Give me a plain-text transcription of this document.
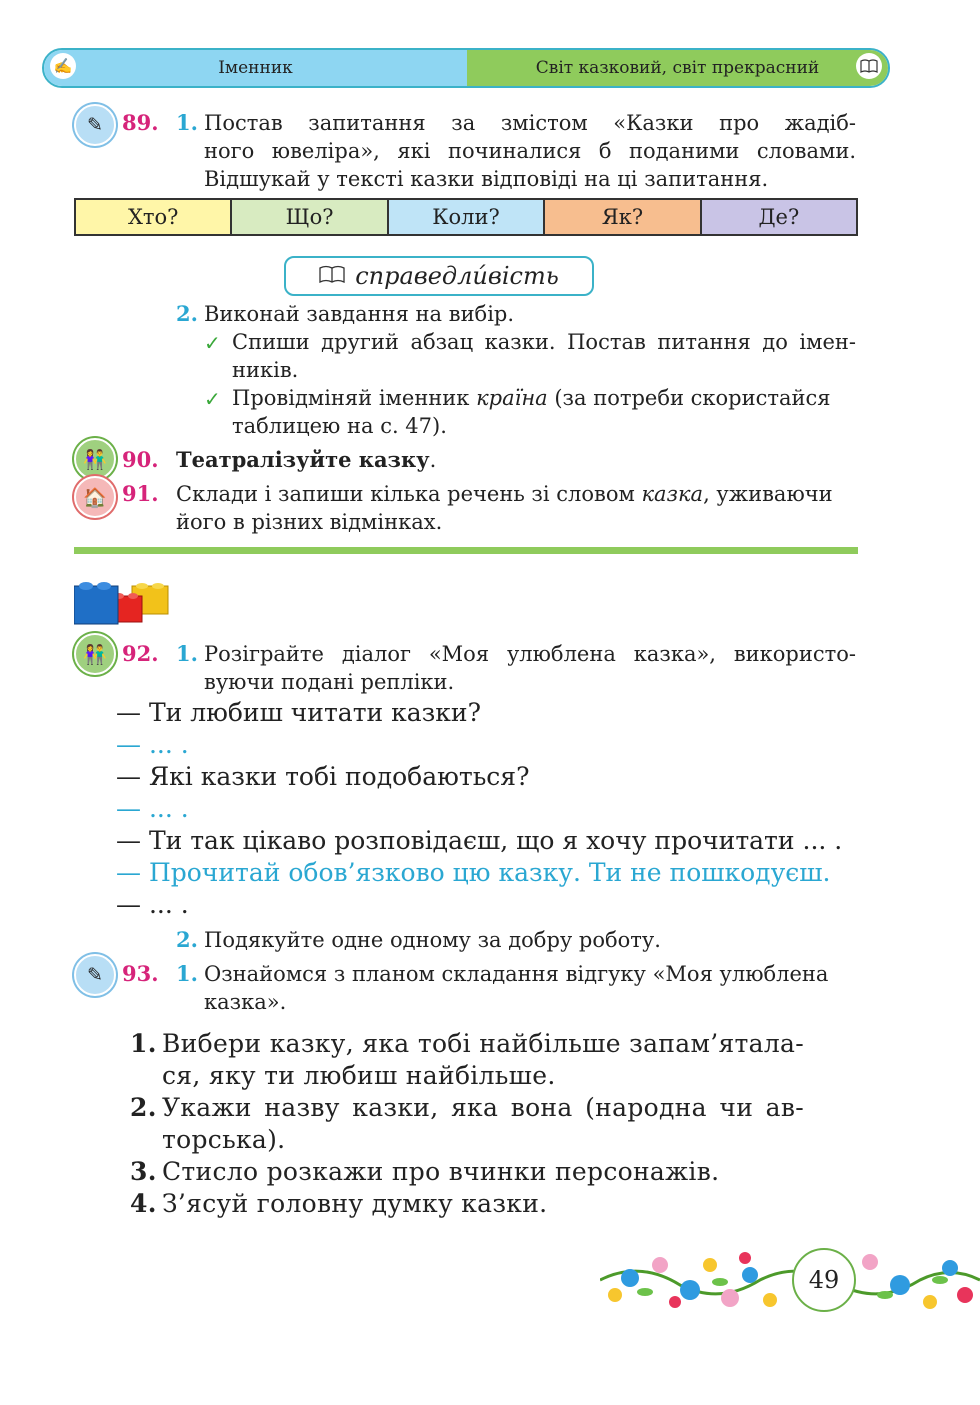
✍	Іменник	Світ казковий, світ прекрасний
✎ 89. 1. Постав запитання за змістом «Казки про жадіб-
ного ювеліра», які починалися б поданими словами.
Відшукай у тексті казки відповіді на ці запитання.
Хто?	Що?	Коли?	Як?	Де?
справедли́вість
2. Виконай завдання на вибір.
✓ Спиши другий абзац казки. Постав питання до імен-
ників.
✓ Провідміняй іменник країна (за потреби скористайся
таблицею на с. 47).
👫 90. Театралізуйте казку.
🏠 91. Склади і запиши кілька речень зі словом казка, уживаючи
його в різних відмінках.
👫 92. 1. Розіграйте діалог «Моя улюблена казка», використо-
вуючи подані репліки.
— Ти любиш читати казки?
— ... .
— Які казки тобі подобаються?
— ... .
— Ти так цікаво розповідаєш, що я хочу прочитати ... .
— Прочитай обов’язково цю казку. Ти не пошкодуєш.
— ... .
2. Подякуйте одне одному за добру роботу.
✎ 93. 1. Ознайомся з планом складання відгуку «Моя улюблена
казка».
1. Вибери казку, яка тобі найбільше запам’ятала-
ся, яку ти любиш найбільше.
2. Укажи назву казки, яка вона (народна чи ав-
торська).
3. Стисло розкажи про вчинки персонажів.
4. З’ясуй головну думку казки.
49
